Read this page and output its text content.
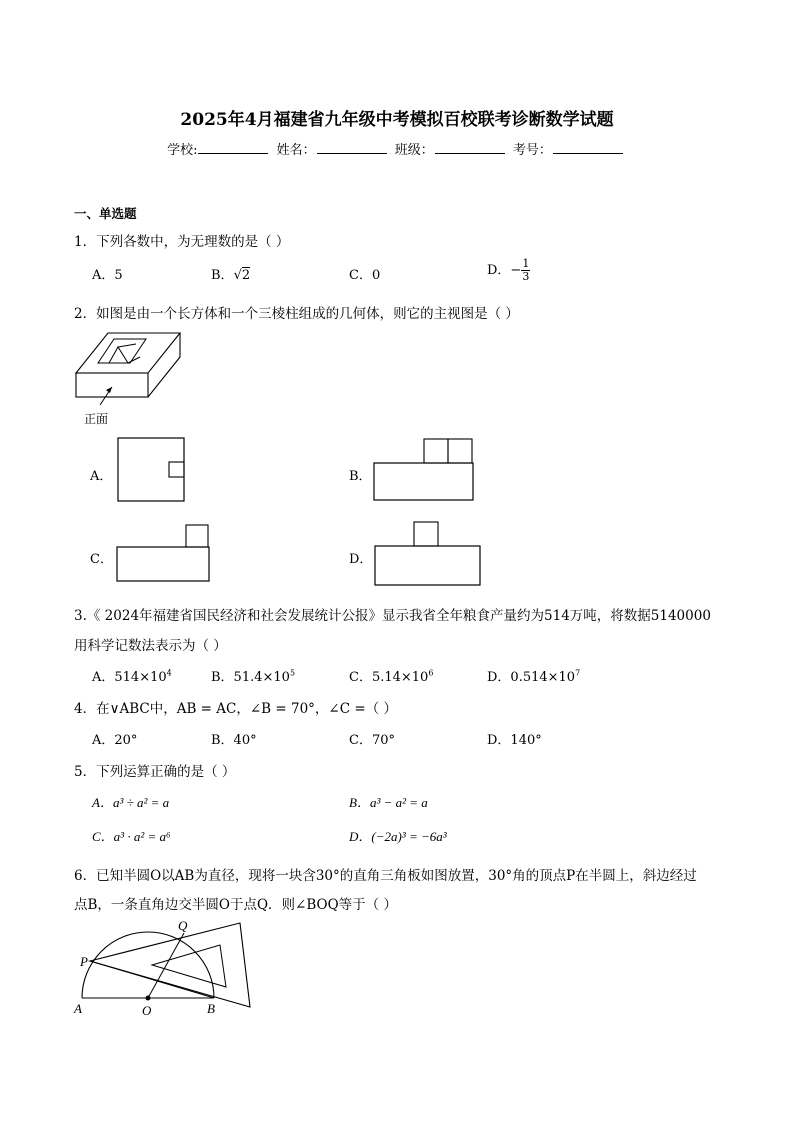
2025年4月福建省九年级中考模拟百校联考诊断数学试题
学校:	姓名：	班级：	考号：
一、单选题
1．下列各数中，为无理数的是（ ）
A．5	B．√2	C．0	D．− $\frac{1}{3}$
2．如图是由一个长方体和一个三棱柱组成的几何体，则它的主视图是（ ）
正面
A．	B．
C．	D．
3.《 2024年福建省国民经济和社会发展统计公报》显示我省全年粮食产量约为514万吨，将数据5140000
用科学记数法表示为（ ）
A．$514\times 10^4$	B．$51.4\times 10^5$	C．$5.14\times 10^6$	D．$0.514\times 10^7$
4．在∨ABC中，AB = AC，∠B = 70°，∠C =（ ）
A．20°	B．40°	C．70°	D．140°
5．下列运算正确的是（ ）
A．a³ ÷ a² = a	B．a³ − a² = a
C．a³ · a² = a⁶	D．(−2a)³ = −6a³
6．已知半圆O以AB为直径，现将一块含30°的直角三角板如图放置，30°角的顶点P在半圆上，斜边经过
点B，一条直角边交半圆O于点Q．则∠BOQ等于（ ）
P
Q
A	O	B
